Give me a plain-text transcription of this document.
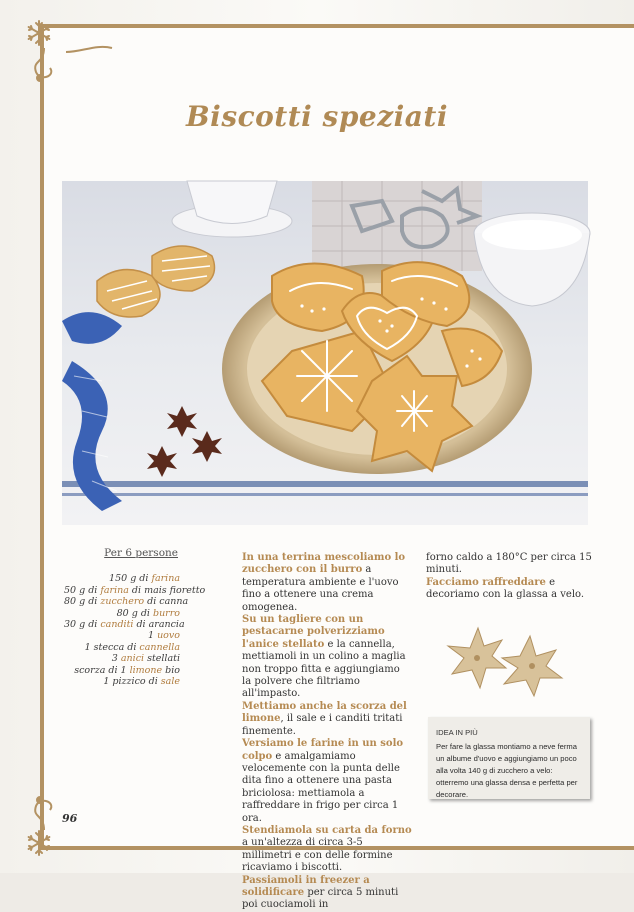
Biscotti speziati
Per 6 persone
150 g di farina
50 g di farina di mais fioretto
80 g di zucchero di canna
80 g di burro
30 g di canditi di arancia
1 uovo
1 stecca di cannella
3 anici stellati
scorza di 1 limone bio
1 pizzico di sale

In una terrina mescoliamo lo zucchero con il burro a temperatura ambiente e l'uovo fino a ottenere una crema omogenea.

Su un tagliere con un pestacarne polverizziamo l'anice stellato e la cannella, mettiamoli in un colino a maglia non troppo fitta e aggiungiamo la polvere che filtriamo all'impasto.

Mettiamo anche la scorza del limone, il sale e i canditi tritati finemente.

Versiamo le farine in un solo colpo e amalgamiamo velocemente con la punta delle dita fino a ottenere una pasta briciolosa: mettiamola a raffreddare in frigo per circa 1 ora.

Stendiamola su carta da forno a un'altezza di circa 3-5 millimetri e con delle formine ricaviamo i biscotti.

Passiamoli in freezer a solidificare per circa 5 minuti poi cuociamoli in

forno caldo a 180°C per circa 15 minuti.
Facciamo raffreddare e decoriamo con la glassa a velo.

IDEA IN PIÙ
Per fare la glassa montiamo a neve ferma un albume d'uovo e aggiungiamo un poco alla volta 140 g di zucchero a velo: otterremo una glassa densa e perfetta per decorare.
96
